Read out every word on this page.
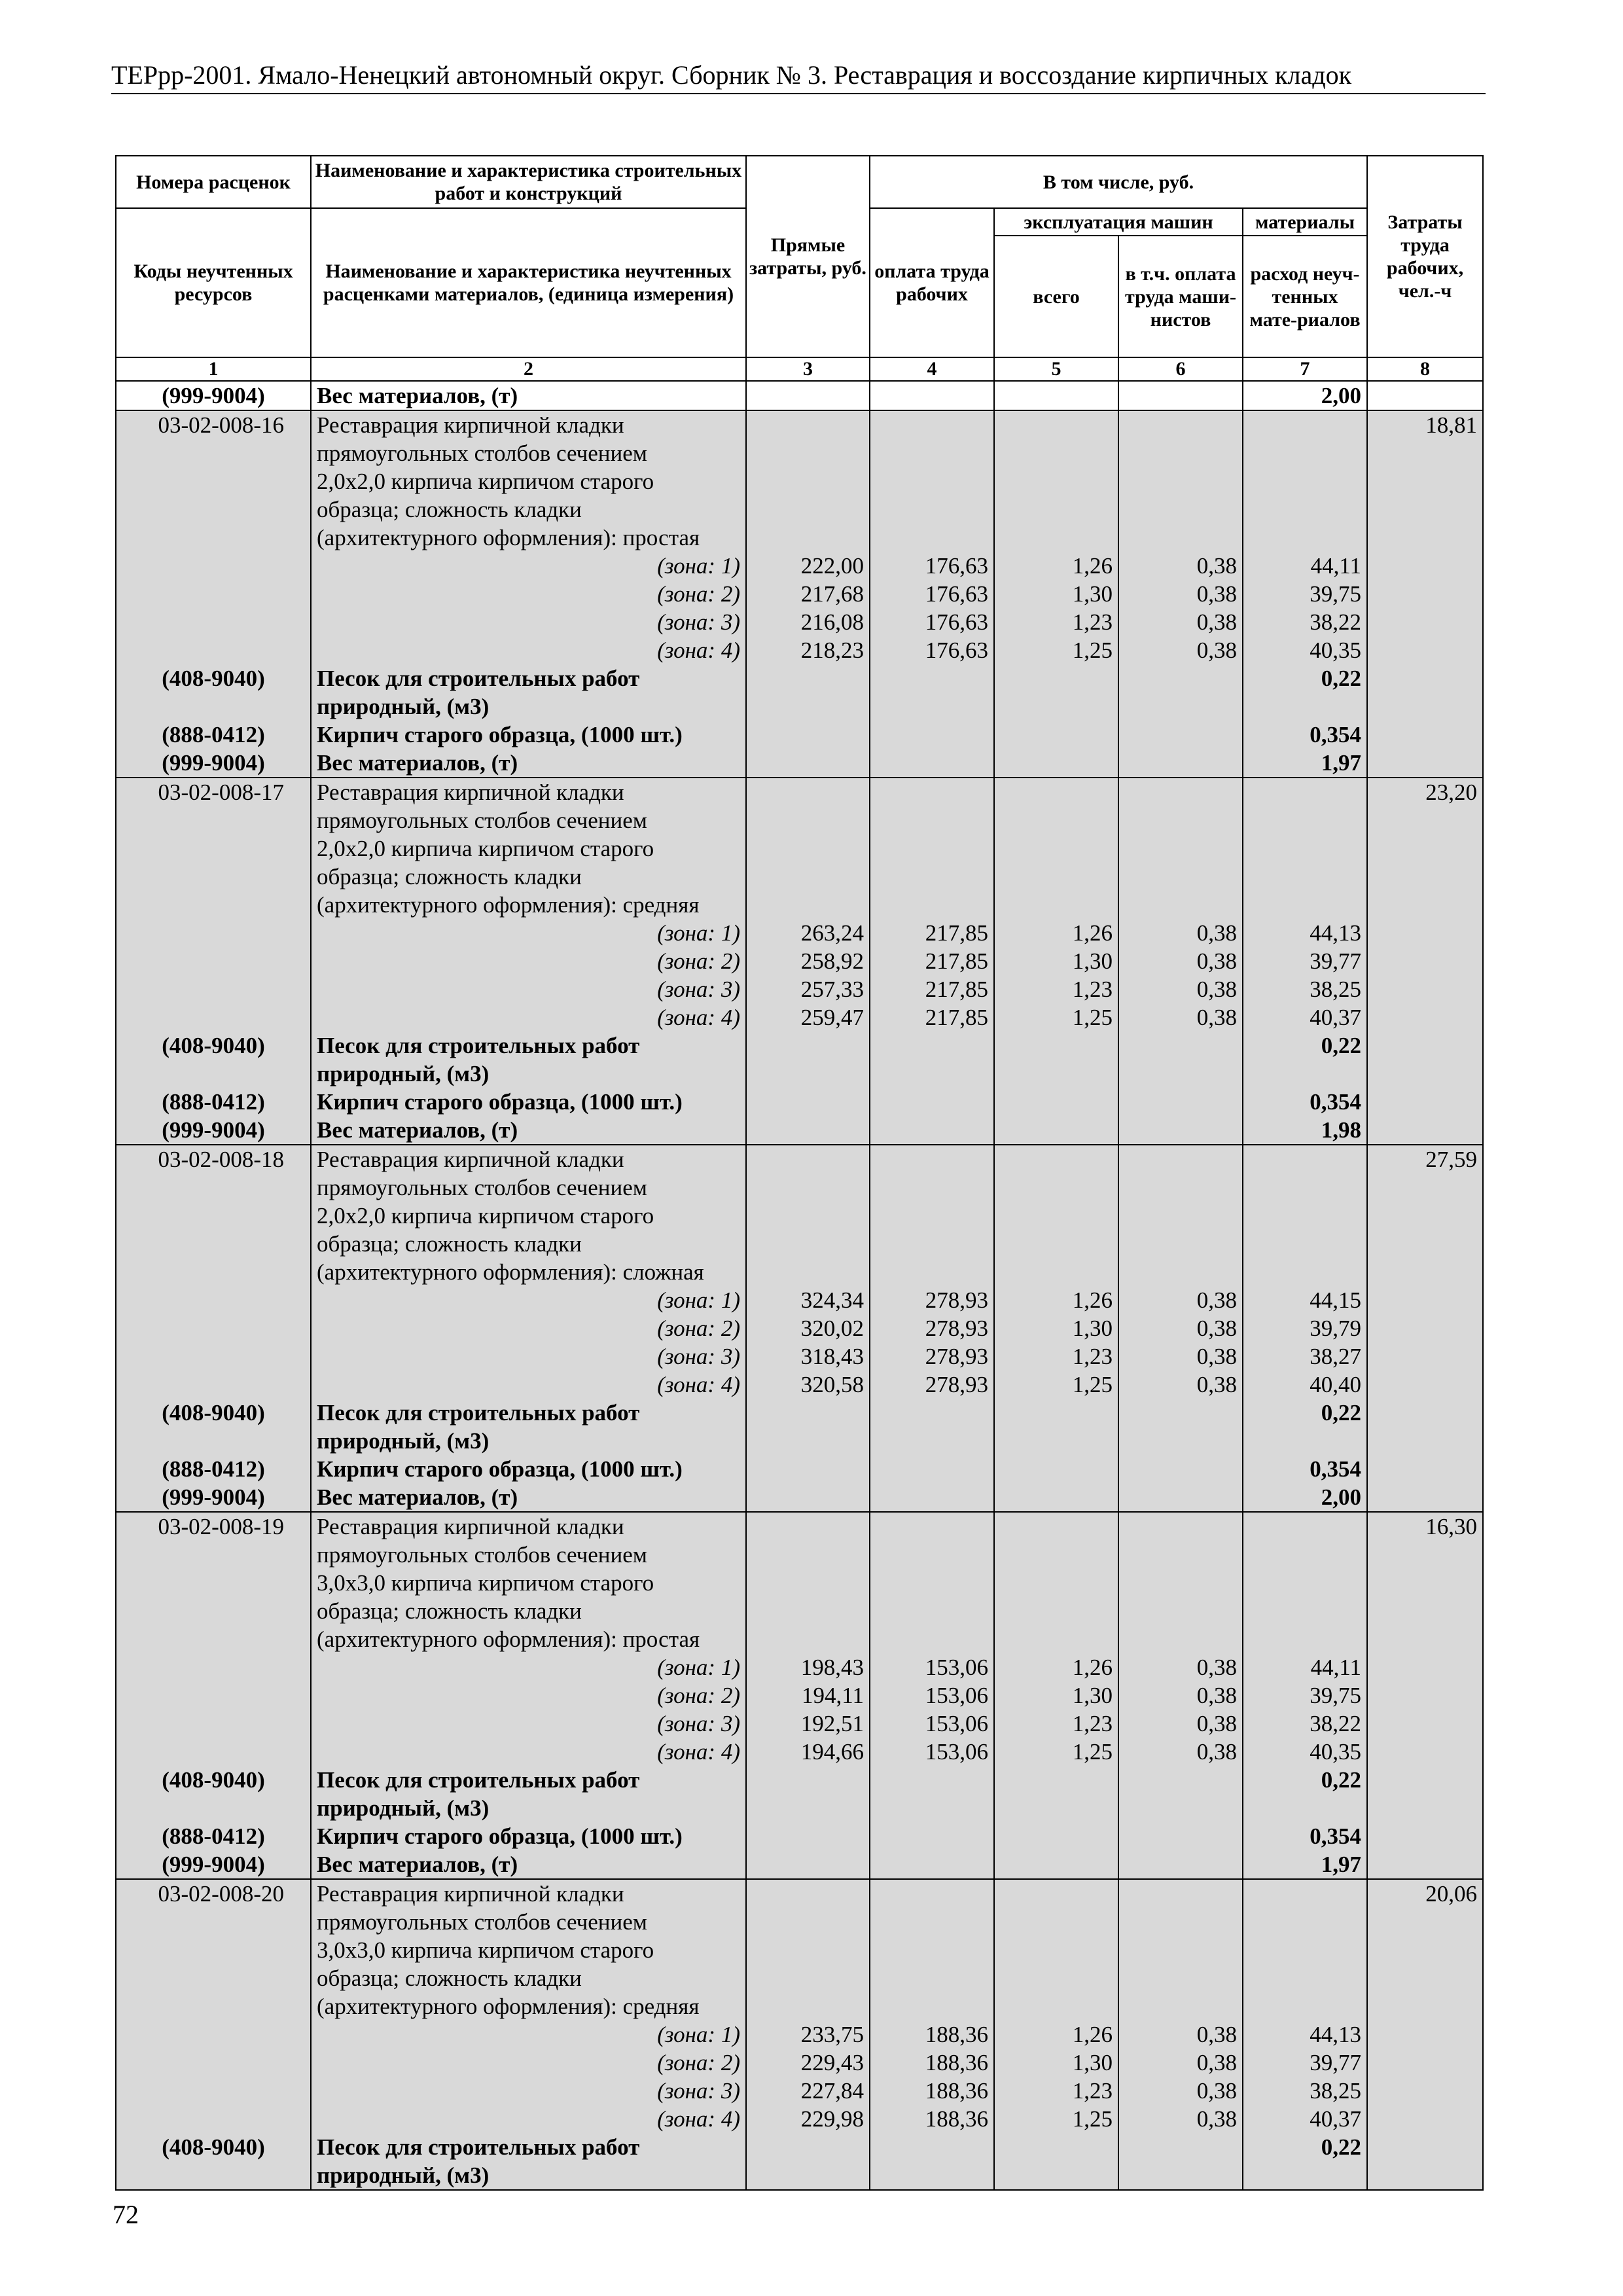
ТЕРрр-2001. Ямало-Ненецкий автономный округ. Сборник № 3. Реставрация и воссоздание кирпичных кладок
Номера расценок	Наименование и характеристика строительных работ и конструкций	Прямые затраты, руб.	В том числе, руб.				Затраты труда рабочих, чел.-ч
Коды неучтенных ресурсов	Наименование и характеристика неучтенных расценками материалов, (единица измерения)		оплата труда рабочих	эксплуатация машин		материалы	
				всего	в т.ч. оплата труда маши-нистов	расход неуч-тенных мате-риалов	
1	2	3	4	5	6	7	8
(999-9004)	Вес материалов, (т)					2,00	
03-02-008-16	Реставрация кирпичной кладки						18,81
	прямоугольных столбов сечением						
	2,0х2,0 кирпича кирпичом старого						
	образца; сложность кладки						
	(архитектурного оформления): простая						
	(зона: 1)	222,00	176,63	1,26	0,38	44,11	
	(зона: 2)	217,68	176,63	1,30	0,38	39,75	
	(зона: 3)	216,08	176,63	1,23	0,38	38,22	
	(зона: 4)	218,23	176,63	1,25	0,38	40,35	
(408-9040)	Песок для строительных работ					0,22	
	природный, (м3)						
(888-0412)	Кирпич старого образца, (1000 шт.)					0,354	
(999-9004)	Вес материалов, (т)					1,97	
03-02-008-17	Реставрация кирпичной кладки						23,20
	прямоугольных столбов сечением						
	2,0х2,0 кирпича кирпичом старого						
	образца; сложность кладки						
	(архитектурного оформления): средняя						
	(зона: 1)	263,24	217,85	1,26	0,38	44,13	
	(зона: 2)	258,92	217,85	1,30	0,38	39,77	
	(зона: 3)	257,33	217,85	1,23	0,38	38,25	
	(зона: 4)	259,47	217,85	1,25	0,38	40,37	
(408-9040)	Песок для строительных работ					0,22	
	природный, (м3)						
(888-0412)	Кирпич старого образца, (1000 шт.)					0,354	
(999-9004)	Вес материалов, (т)					1,98	
03-02-008-18	Реставрация кирпичной кладки						27,59
	прямоугольных столбов сечением						
	2,0х2,0 кирпича кирпичом старого						
	образца; сложность кладки						
	(архитектурного оформления): сложная						
	(зона: 1)	324,34	278,93	1,26	0,38	44,15	
	(зона: 2)	320,02	278,93	1,30	0,38	39,79	
	(зона: 3)	318,43	278,93	1,23	0,38	38,27	
	(зона: 4)	320,58	278,93	1,25	0,38	40,40	
(408-9040)	Песок для строительных работ					0,22	
	природный, (м3)						
(888-0412)	Кирпич старого образца, (1000 шт.)					0,354	
(999-9004)	Вес материалов, (т)					2,00	
03-02-008-19	Реставрация кирпичной кладки						16,30
	прямоугольных столбов сечением						
	3,0х3,0 кирпича кирпичом старого						
	образца; сложность кладки						
	(архитектурного оформления): простая						
	(зона: 1)	198,43	153,06	1,26	0,38	44,11	
	(зона: 2)	194,11	153,06	1,30	0,38	39,75	
	(зона: 3)	192,51	153,06	1,23	0,38	38,22	
	(зона: 4)	194,66	153,06	1,25	0,38	40,35	
(408-9040)	Песок для строительных работ					0,22	
	природный, (м3)						
(888-0412)	Кирпич старого образца, (1000 шт.)					0,354	
(999-9004)	Вес материалов, (т)					1,97	
03-02-008-20	Реставрация кирпичной кладки						20,06
	прямоугольных столбов сечением						
	3,0х3,0 кирпича кирпичом старого						
	образца; сложность кладки						
	(архитектурного оформления): средняя						
	(зона: 1)	233,75	188,36	1,26	0,38	44,13	
	(зона: 2)	229,43	188,36	1,30	0,38	39,77	
	(зона: 3)	227,84	188,36	1,23	0,38	38,25	
	(зона: 4)	229,98	188,36	1,25	0,38	40,37	
(408-9040)	Песок для строительных работ					0,22	
	природный, (м3)						
72
